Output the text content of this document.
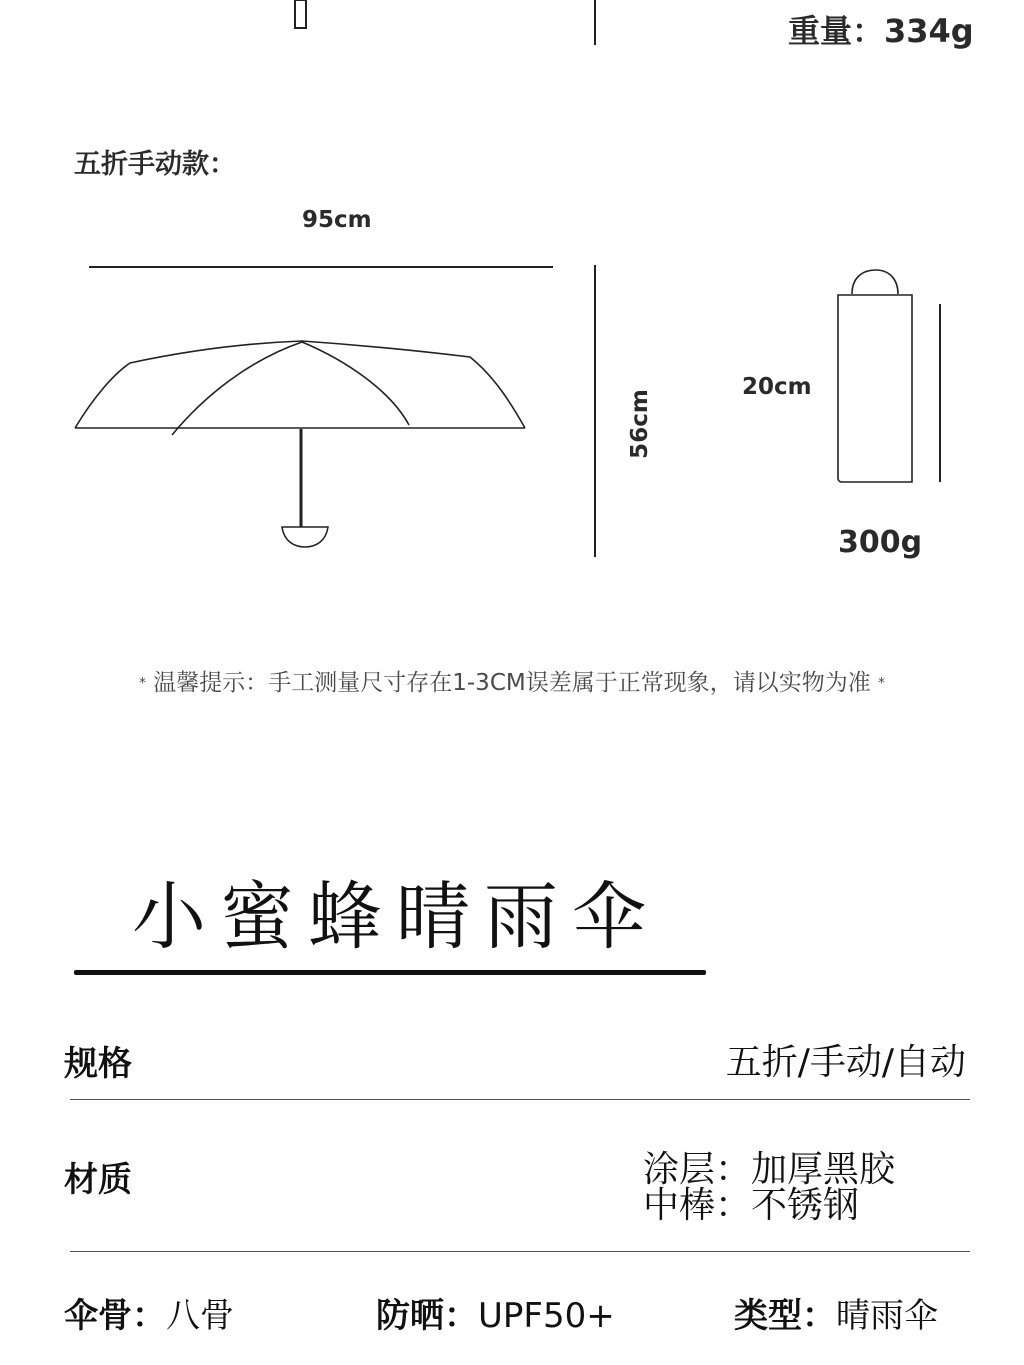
重量：334g
五折手动款：
95cm
56cm
20cm
300g
* 温馨提示：手工测量尺寸存在1-3CM误差属于正常现象，请以实物为准 *
小蜜蜂晴雨伞
规格	五折/手动/自动
材质	涂层：加厚黑胶
中棒：不锈钢
伞骨：八骨	防晒：UPF50+	类型：晴雨伞
